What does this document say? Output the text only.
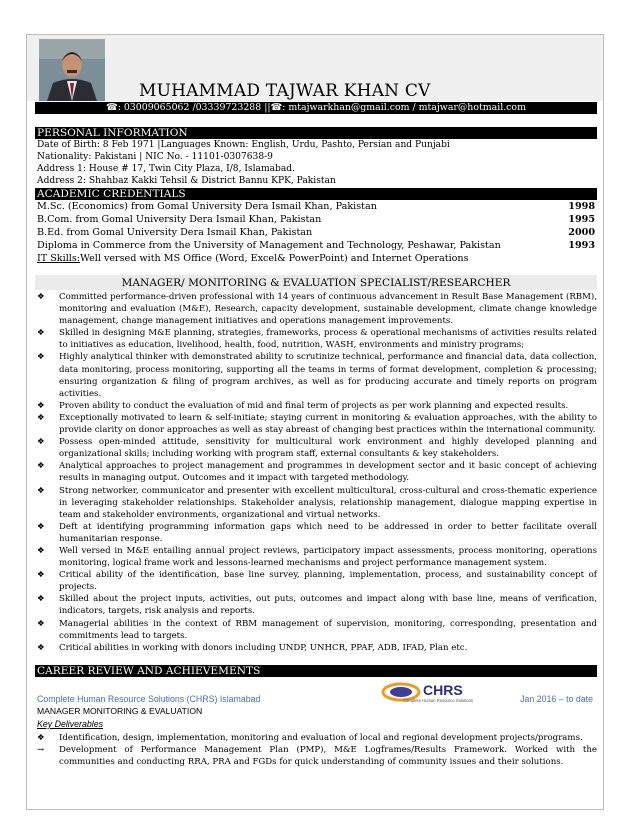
MUHAMMAD TAJWAR KHAN CV
☎: 03009065062 /03339723288 ||☎: mtajwarkhan@gmail.com / mtajwar@hotmail.com
PERSONAL INFORMATION
Date of Birth: 8 Feb 1971 |Languages Known: English, Urdu, Pashto, Persian and Punjabi
Nationality: Pakistani | NIC No. - 11101-0307638-9
Address 1: House # 17, Twin City Plaza, I/8, Islamabad.
Address 2: Shahbaz Kakki Tehsil & District Bannu KPK, Pakistan
ACADEMIC CREDENTIALS
M.Sc. (Economics) from Gomal University Dera Ismail Khan, Pakistan	1998
B.Com. from Gomal University Dera Ismail Khan, Pakistan	1995
B.Ed. from Gomal University Dera Ismail Khan, Pakistan	2000
Diploma in Commerce from the University of Management and Technology, Peshawar, Pakistan	1993
IT Skills:Well versed with MS Office (Word, Excel& PowerPoint) and Internet Operations
MANAGER/ MONITORING & EVALUATION SPECIALIST/RESEARCHER
❖ Committed performance-driven professional with 14 years of continuous advancement in Result Base Management (RBM), monitoring and evaluation (M&E), Research, capacity development, sustainable development, climate change knowledge management, change management initiatives and operations management improvements.
❖ Skilled in designing M&E planning, strategies, frameworks, process & operational mechanisms of activities results related to initiatives as education, livelihood, health, food, nutrition, WASH, environments and ministry programs;
❖ Highly analytical thinker with demonstrated ability to scrutinize technical, performance and financial data, data collection, data monitoring, process monitoring, supporting all the teams in terms of format development, completion & processing; ensuring organization & filing of program archives, as well as for producing accurate and timely reports on program activities.
❖ Proven ability to conduct the evaluation of mid and final term of projects as per work planning and expected results.
❖ Exceptionally motivated to learn & self-initiate; staying current in monitoring & evaluation approaches, with the ability to provide clarity on donor approaches as well as stay abreast of changing best practices within the international community.
❖ Possess open-minded attitude, sensitivity for multicultural work environment and highly developed planning and organizational skills; including working with program staff, external consultants & key stakeholders.
❖ Analytical approaches to project management and programmes in development sector and it basic concept of achieving results in managing output. Outcomes and it impact with targeted methodology.
❖ Strong networker, communicator and presenter with excellent multicultural, cross-cultural and cross-thematic experience in leveraging stakeholder relationships. Stakeholder analysis, relationship management, dialogue mapping expertise in team and stakeholder environments, organizational and virtual networks.
❖ Deft at identifying programming information gaps which need to be addressed in order to better facilitate overall humanitarian response.
❖ Well versed in M&E entailing annual project reviews, participatory impact assessments, process monitoring, operations monitoring, logical frame work and lessons-learned mechanisms and project performance management system.
❖ Critical ability of the identification, base line survey, planning, implementation, process, and sustainability concept of projects.
❖ Skilled about the project inputs, activities, out puts, outcomes and impact along with base line, means of verification, indicators, targets, risk analysis and reports.
❖ Managerial abilities in the context of RBM management of supervision, monitoring, corresponding, presentation and commitments lead to targets.
❖ Critical abilities in working with donors including UNDP, UNHCR, PPAF, ADB, IFAD, Plan etc.
CAREER REVIEW AND ACHIEVEMENTS
CHRS
Complete Human Resource Solutions
Complete Human Resource Solutions (CHRS) Islamabad	Jan 2016 – to date
MANAGER MONITORING & EVALUATION
Key Deliverables
❖ Identification, design, implementation, monitoring and evaluation of local and regional development projects/programs.
→ Development of Performance Management Plan (PMP), M&E Logframes/Results Framework. Worked with the communities and conducting RRA, PRA and FGDs for quick understanding of community issues and their solutions.
